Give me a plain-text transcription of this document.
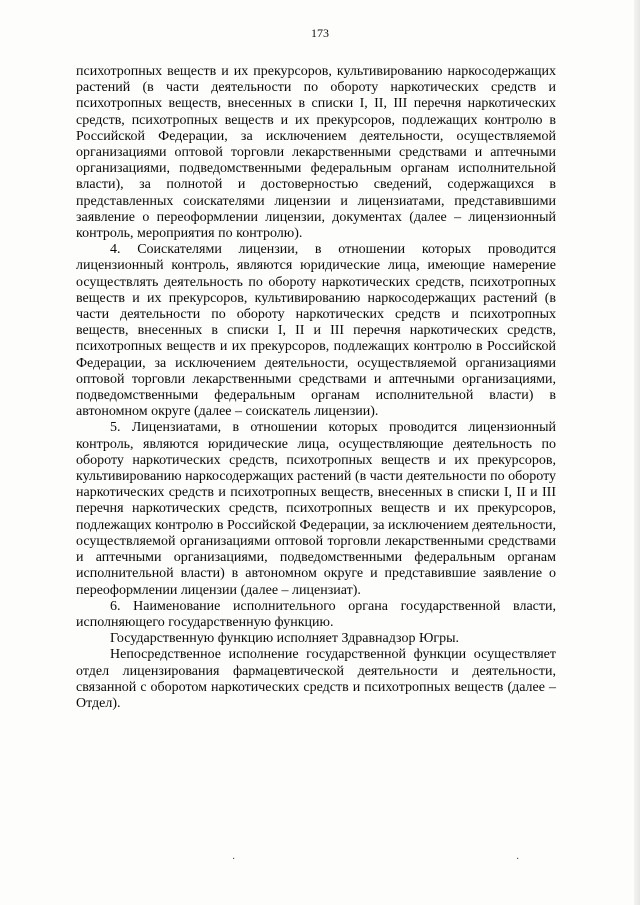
173

психотропных веществ и их прекурсоров, культивированию наркосодержащих растений (в части деятельности по обороту наркотических средств и психотропных веществ, внесенных в списки I, II, III перечня наркотических средств, психотропных веществ и их прекурсоров, подлежащих контролю в Российской Федерации, за исключением деятельности, осуществляемой организациями оптовой торговли лекарственными средствами и аптечными организациями, подведомственными федеральным органам исполнительной власти), за полнотой и достоверностью сведений, содержащихся в представленных соискателями лицензии и лицензиатами, представившими заявление о переоформлении лицензии, документах (далее – лицензионный контроль, мероприятия по контролю).

4. Соискателями лицензии, в отношении которых проводится лицензионный контроль, являются юридические лица, имеющие намерение осуществлять деятельность по обороту наркотических средств, психотропных веществ и их прекурсоров, культивированию наркосодержащих растений (в части деятельности по обороту наркотических средств и психотропных веществ, внесенных в списки I, II и III перечня наркотических средств, психотропных веществ и их прекурсоров, подлежащих контролю в Российской Федерации, за исключением деятельности, осуществляемой организациями оптовой торговли лекарственными средствами и аптечными организациями, подведомственными федеральным органам исполнительной власти) в автономном округе (далее – соискатель лицензии).

5. Лицензиатами, в отношении которых проводится лицензионный контроль, являются юридические лица, осуществляющие деятельность по обороту наркотических средств, психотропных веществ и их прекурсоров, культивированию наркосодержащих растений (в части деятельности по обороту наркотических средств и психотропных веществ, внесенных в списки I, II и III перечня наркотических средств, психотропных веществ и их прекурсоров, подлежащих контролю в Российской Федерации, за исключением деятельности, осуществляемой организациями оптовой торговли лекарственными средствами и аптечными организациями, подведомственными федеральным органам исполнительной власти) в автономном округе и представившие заявление о переоформлении лицензии (далее – лицензиат).

6. Наименование исполнительного органа государственной власти, исполняющего государственную функцию.

Государственную функцию исполняет Здравнадзор Югры.

Непосредственное исполнение государственной функции осуществляет отдел лицензирования фармацевтической деятельности и деятельности, связанной с оборотом наркотических средств и психотропных веществ (далее – Отдел).

·	·
